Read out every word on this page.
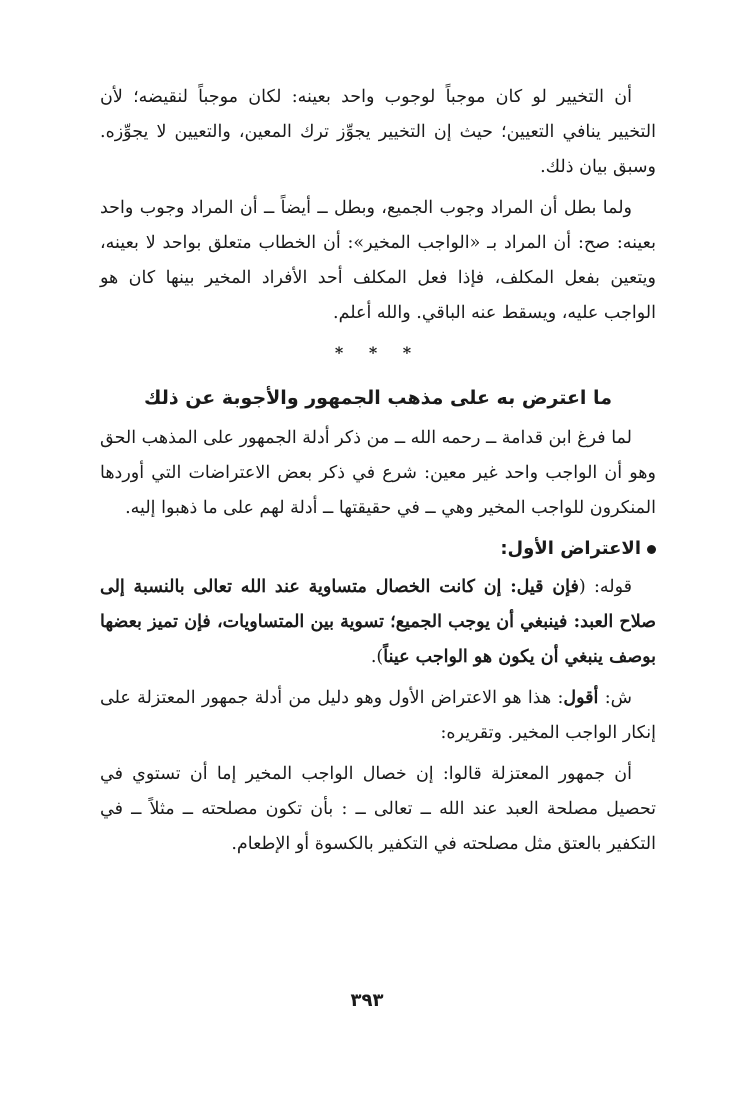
أن التخيير لو كان موجباً لوجوب واحد بعينه: لكان موجباً لنقيضه؛ لأن التخيير ينافي التعيين؛ حيث إن التخيير يجوِّز ترك المعين، والتعيين لا يجوِّزه. وسبق بيان ذلك.

ولما بطل أن المراد وجوب الجميع، وبطل ــ أيضاً ــ أن المراد وجوب واحد بعينه: صح: أن المراد بـ «الواجب المخير»: أن الخطاب متعلق بواحد لا بعينه، ويتعين بفعل المكلف، فإذا فعل المكلف أحد الأفراد المخير بينها كان هو الواجب عليه، ويسقط عنه الباقي. والله أعلم.

* * *
ما اعترض به على مذهب الجمهور والأجوبة عن ذلك

لما فرغ ابن قدامة ــ رحمه الله ــ من ذكر أدلة الجمهور على المذهب الحق وهو أن الواجب واحد غير معين: شرع في ذكر بعض الاعتراضات التي أوردها المنكرون للواجب المخير وهي ــ في حقيقتها ــ أدلة لهم على ما ذهبوا إليه.

الاعتراض الأول:

قوله: (فإن قيل: إن كانت الخصال متساوية عند الله تعالى بالنسبة إلى صلاح العبد: فينبغي أن يوجب الجميع؛ تسوية بين المتساويات، فإن تميز بعضها بوصف ينبغي أن يكون هو الواجب عيناً).

ش: أقول: هذا هو الاعتراض الأول وهو دليل من أدلة جمهور المعتزلة على إنكار الواجب المخير. وتقريره:

أن جمهور المعتزلة قالوا: إن خصال الواجب المخير إما أن تستوي في تحصيل مصلحة العبد عند الله ــ تعالى ــ : بأن تكون مصلحته ــ مثلاً ــ في التكفير بالعتق مثل مصلحته في التكفير بالكسوة أو الإطعام.

٣٩٣
